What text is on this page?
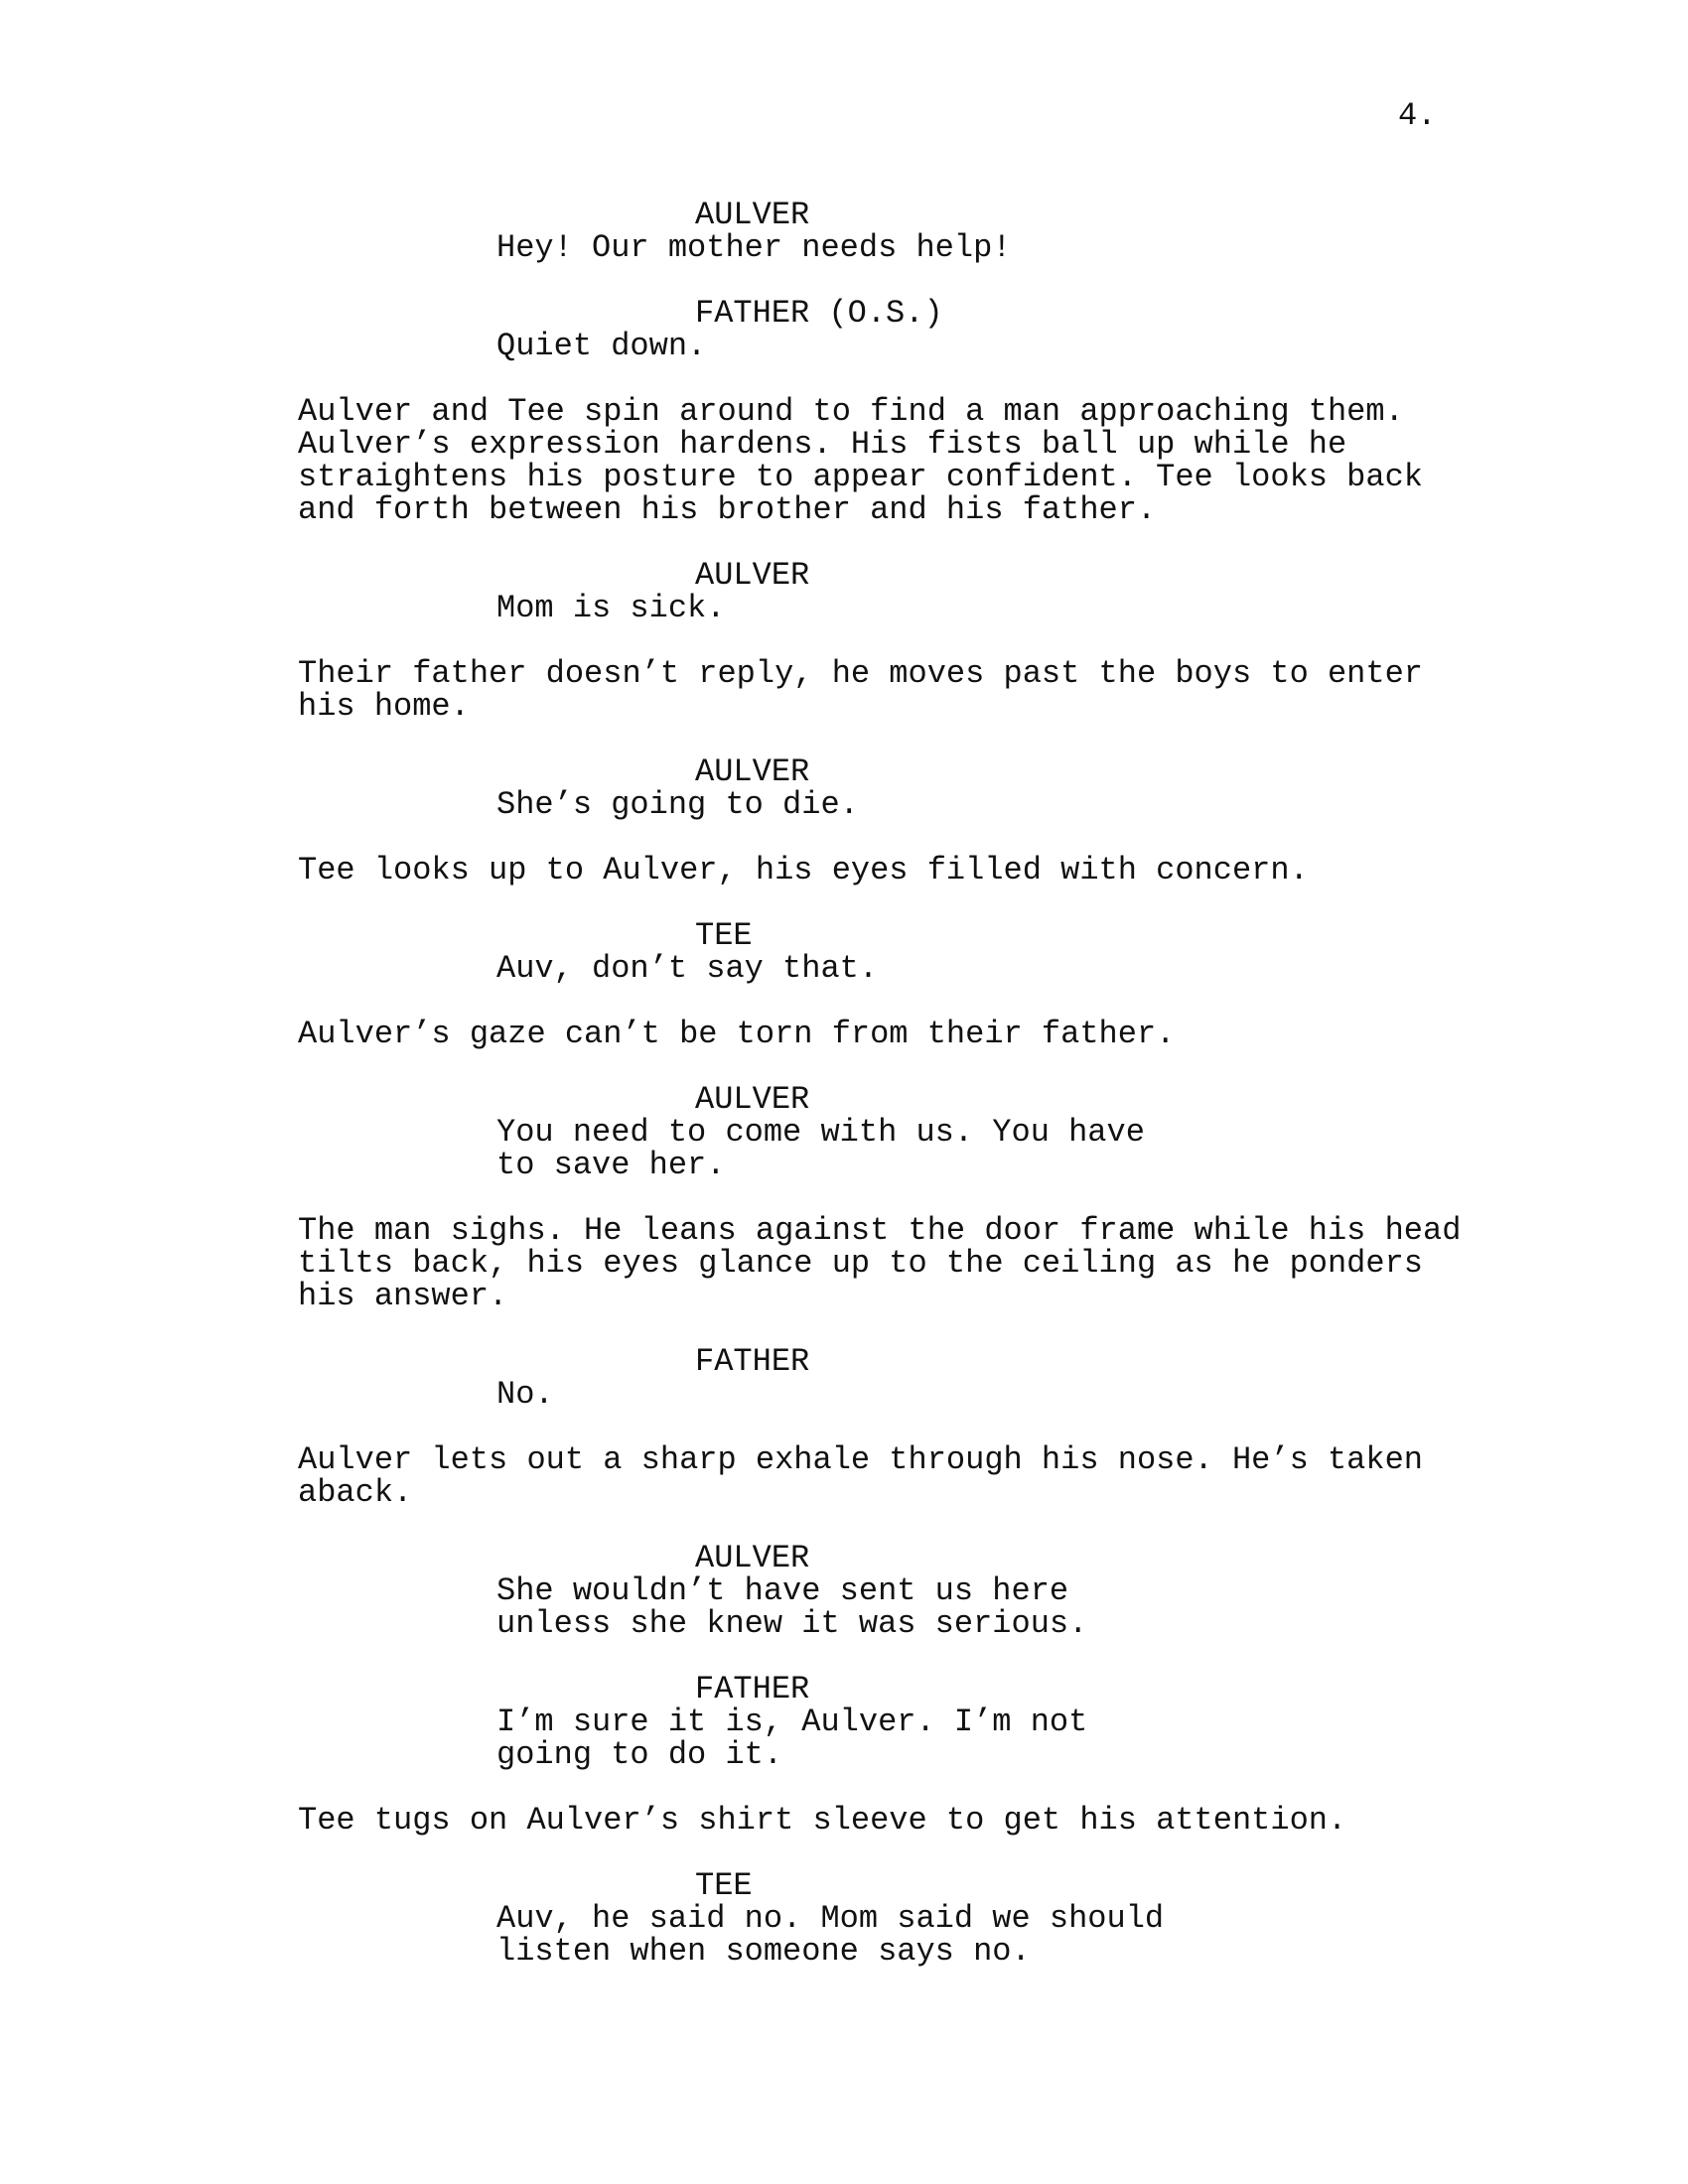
4.
AULVER
Hey! Our mother needs help!
FATHER (O.S.)
Quiet down.
Aulver and Tee spin around to find a man approaching them.
Aulver’s expression hardens. His fists ball up while he
straightens his posture to appear confident. Tee looks back
and forth between his brother and his father.
AULVER
Mom is sick.
Their father doesn’t reply, he moves past the boys to enter
his home.
AULVER
She’s going to die.
Tee looks up to Aulver, his eyes filled with concern.
TEE
Auv, don’t say that.
Aulver’s gaze can’t be torn from their father.
AULVER
You need to come with us. You have
to save her.
The man sighs. He leans against the door frame while his head
tilts back, his eyes glance up to the ceiling as he ponders
his answer.
FATHER
No.
Aulver lets out a sharp exhale through his nose. He’s taken
aback.
AULVER
She wouldn’t have sent us here
unless she knew it was serious.
FATHER
I’m sure it is, Aulver. I’m not
going to do it.
Tee tugs on Aulver’s shirt sleeve to get his attention.
TEE
Auv, he said no. Mom said we should
listen when someone says no.
